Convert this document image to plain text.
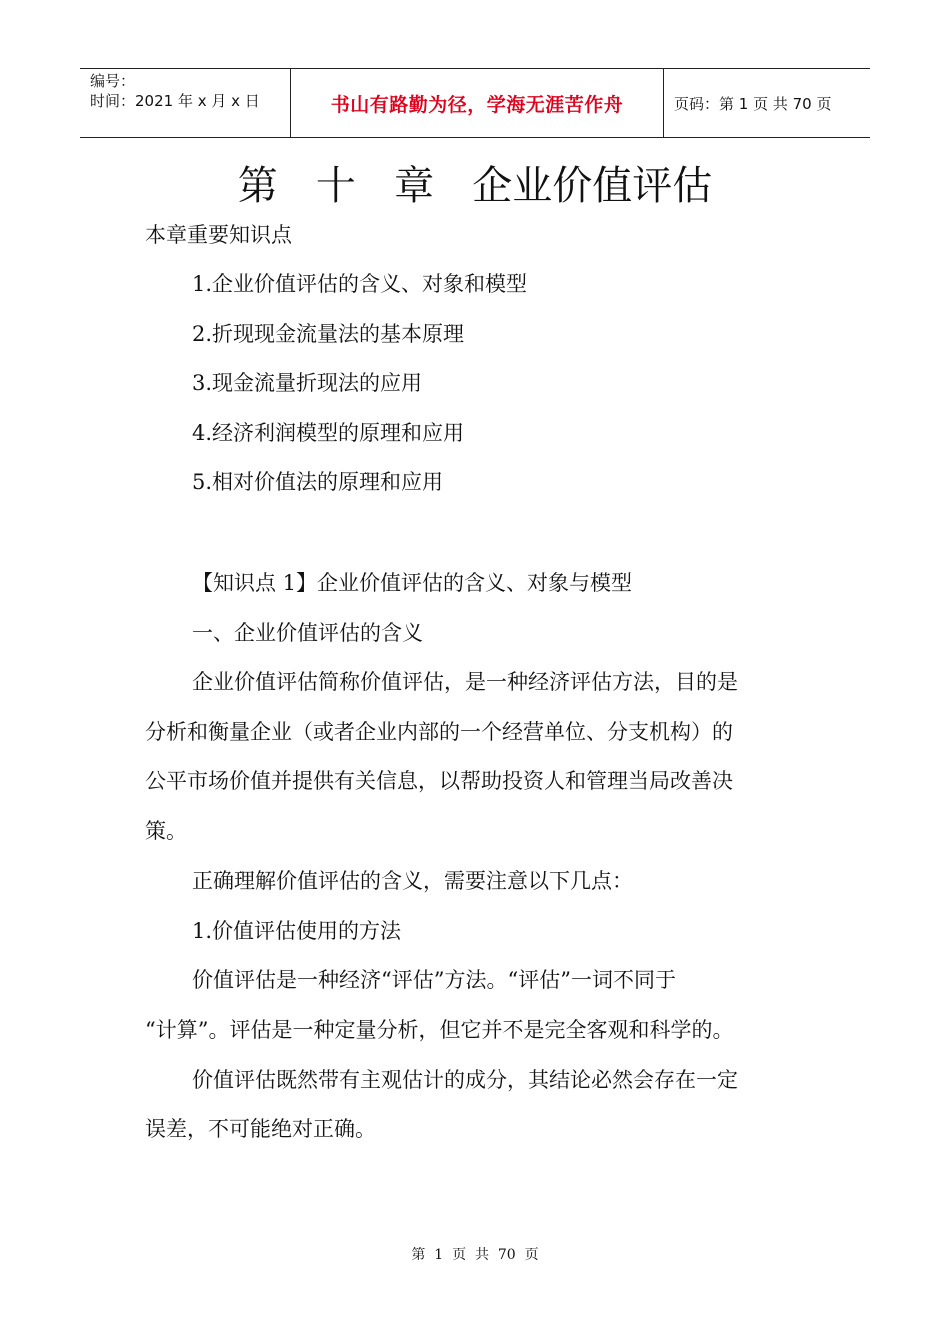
编号：
时间：2021 年 x 月 x 日	书山有路勤为径，学海无涯苦作舟	页码：第 1 页 共 70 页
第   十   章   企业价值评估
本章重要知识点
1.企业价值评估的含义、对象和模型
2.折现现金流量法的基本原理
3.现金流量折现法的应用
4.经济利润模型的原理和应用
5.相对价值法的原理和应用
【知识点 1】企业价值评估的含义、对象与模型
一、企业价值评估的含义
企业价值评估简称价值评估，是一种经济评估方法，目的是
分析和衡量企业（或者企业内部的一个经营单位、分支机构）的
公平市场价值并提供有关信息，以帮助投资人和管理当局改善决
策。
正确理解价值评估的含义，需要注意以下几点：
1.价值评估使用的方法
价值评估是一种经济“评估”方法。“评估”一词不同于
“计算”。评估是一种定量分析，但它并不是完全客观和科学的。
价值评估既然带有主观估计的成分，其结论必然会存在一定
误差，不可能绝对正确。
第  1  页  共  70  页
